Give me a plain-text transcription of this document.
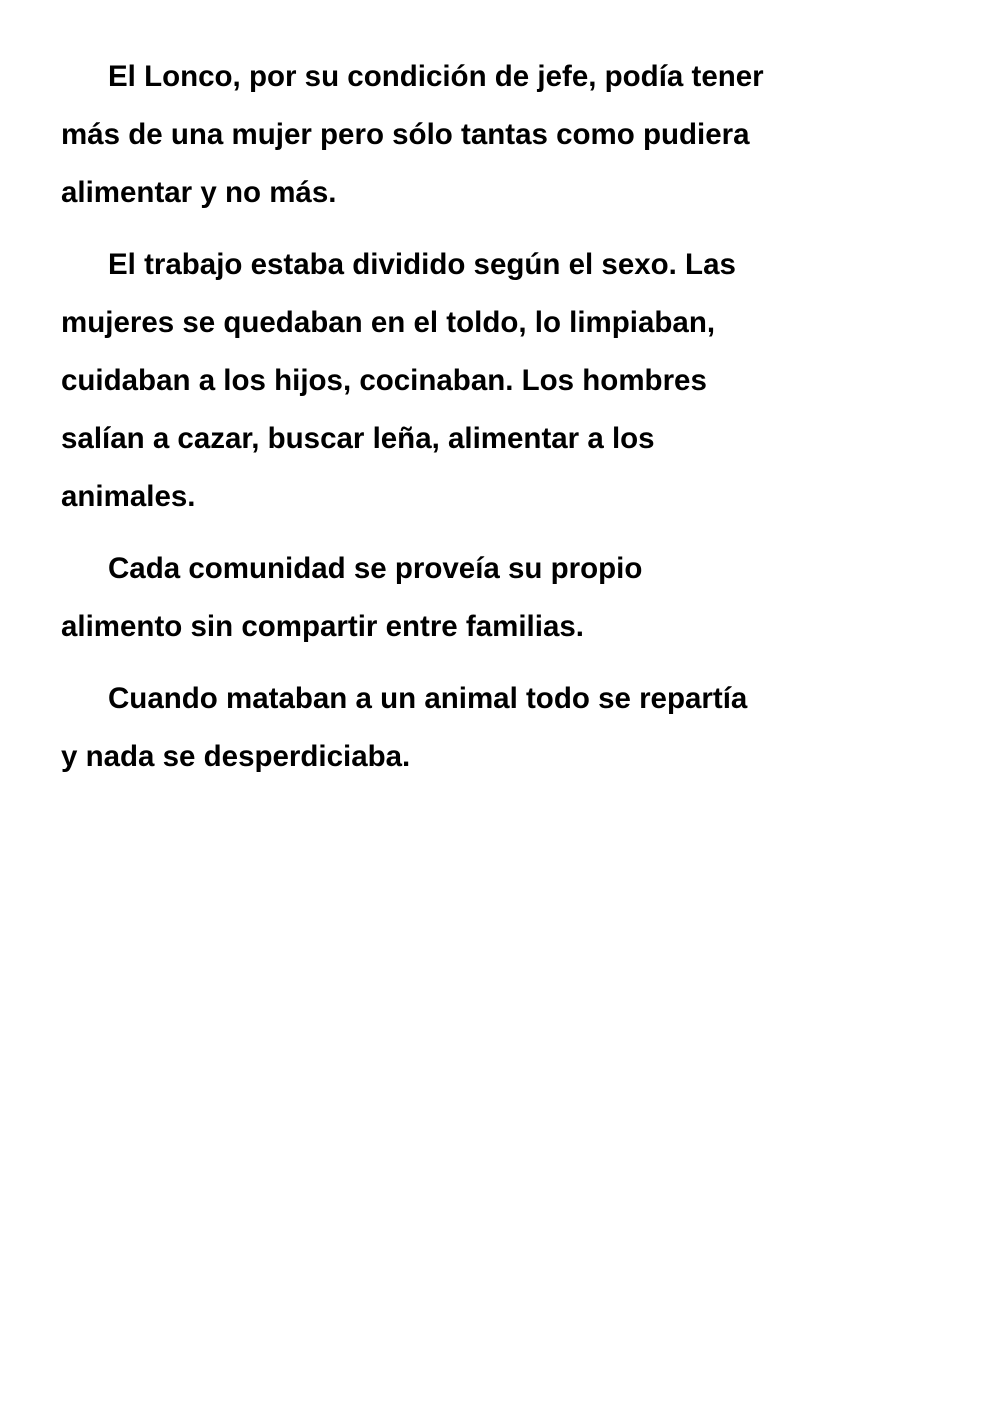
El Lonco, por su condición de jefe, podía tener
más de una mujer pero sólo tantas como pudiera
alimentar y no más.

El trabajo estaba dividido según el sexo. Las
mujeres se quedaban en el toldo, lo limpiaban,
cuidaban a los hijos, cocinaban. Los hombres
salían a cazar, buscar leña, alimentar a los
animales.

Cada comunidad se proveía su propio
alimento sin compartir entre familias.

Cuando mataban a un animal todo se repartía
y nada se desperdiciaba.
